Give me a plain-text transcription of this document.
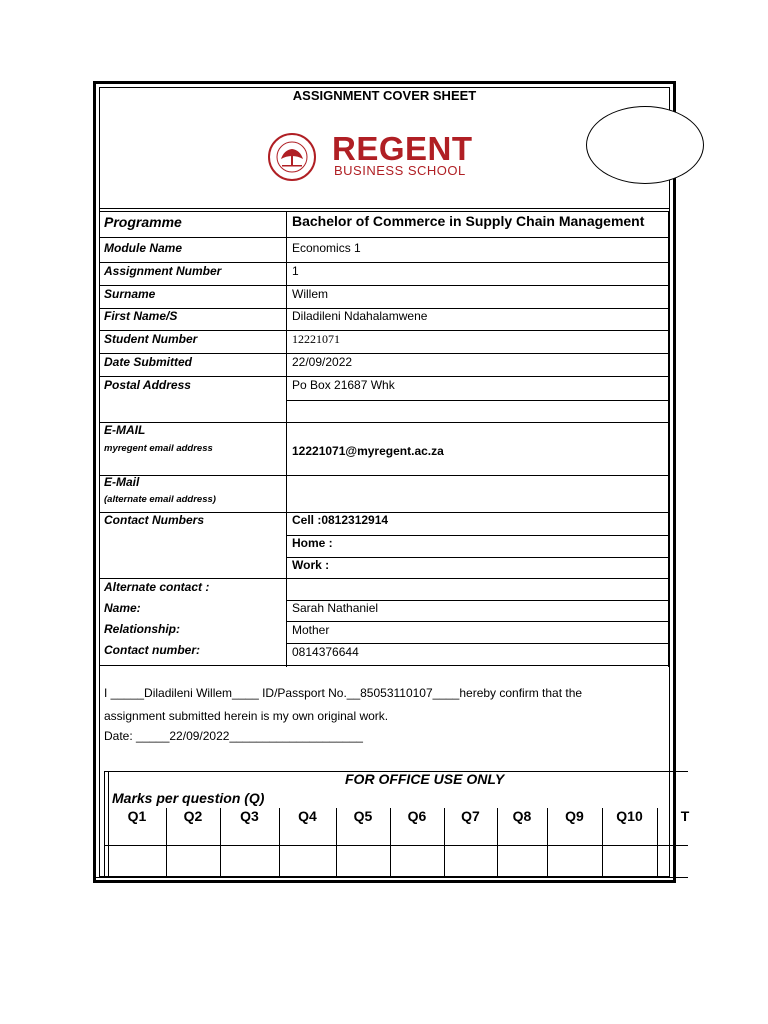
ASSIGNMENT COVER SHEET
REGENT
BUSINESS SCHOOL
Programme	Bachelor of Commerce in Supply Chain Management
Module Name	Economics 1
Assignment Number	1
Surname	Willem
First Name/S	Diladileni Ndahalamwene
Student Number	12221071
Date Submitted	22/09/2022
Postal Address	Po Box 21687 Whk
E-MAIL
myregent email address	12221071@myregent.ac.za
E-Mail
(alternate email address)
Contact Numbers	Cell :0812312914
Home :
Work :
Alternate contact :
Name:	Sarah Nathaniel
Relationship:	Mother
Contact number:	0814376644
I _____Diladileni Willem____ ID/Passport No.__85053110107____hereby confirm that the
assignment submitted herein is my own original work.
Date: _____22/09/2022____________________
FOR OFFICE USE ONLY
Marks per question (Q)
Q1	Q2	Q3	Q4	Q5	Q6	Q7	Q8	Q9	Q10	T
